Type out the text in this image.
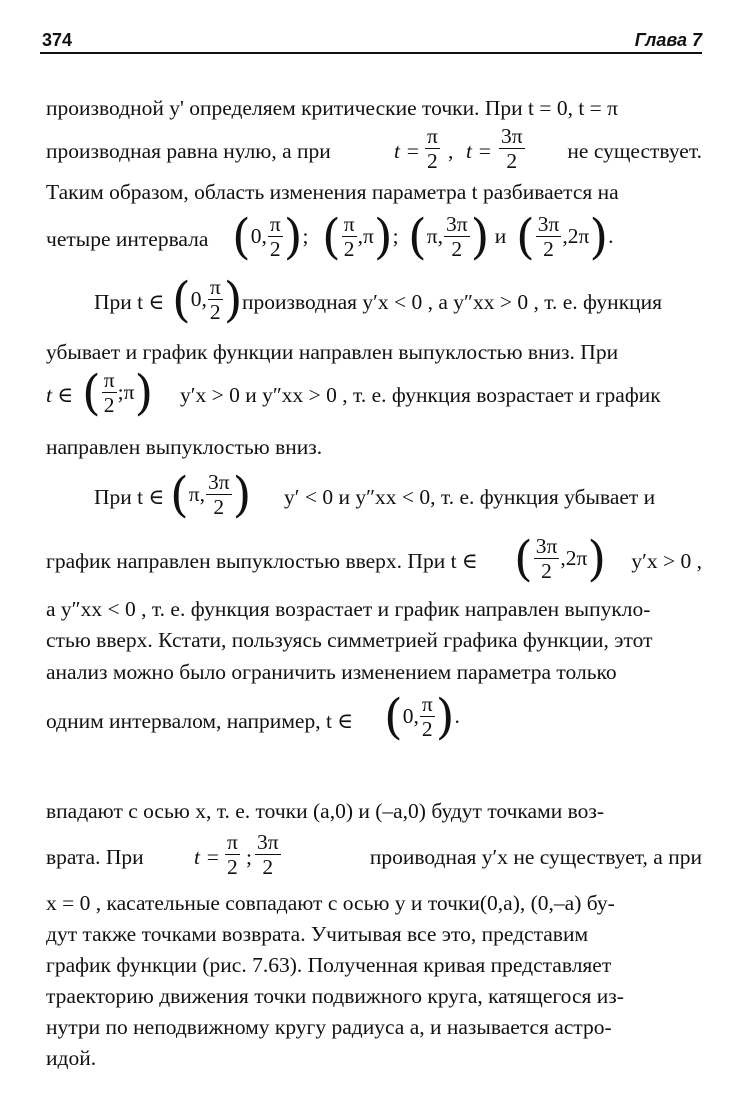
374	Глава 7
производной y' определяем критические точки. При t = 0, t = π
производная равна нулю, а при	$t = \frac{\pi}{2}$ , $t = \frac{3\pi}{2}$ не существует.
Таким образом, область изменения параметра t разбивается на
четыре интервала ( 0 , $\frac{\pi}{2}$ ) ; ( $\frac{\pi}{2} ,\pi$ ) ; ( π, $\frac{3\pi}{2}$ )
и ( $\frac{3\pi}{2} ,2\pi$ ) .
При t ∈ ( 0 , $\frac{\pi}{2}$ ) производная y′x < 0 , а y″xx > 0 , т. е. функция
убывает и график функции направлен выпуклостью вниз. При
t ∈ ( $\frac{\pi}{2}$ ;π ) y′x > 0 и y″xx > 0 , т. е. функция возрастает и график
направлен выпуклостью вниз.
При t ∈ ( π, $\frac{3\pi}{2}$ ) y′ < 0 и y″xx < 0, т. е. функция убывает и
график направлен выпуклостью вверх. При t ∈ ( $\frac{3\pi}{2} ,2\pi$ ) y′x > 0 ,
а y″xx < 0 , т. е. функция возрастает и график направлен выпукло-
стью вверх. Кстати, пользуясь симметрией графика функции, этот
анализ можно было ограничить изменением параметра только
одним интервалом, например, t ∈ ( 0 , $\frac{\pi}{2}$ ) .
впадают с осью x, т. е. точки (a,0) и (–a,0) будут точками воз-
врата. При $t = \frac{\pi}{2}$ ; $\frac{3\pi}{2}$	проиводная y′x не существует, а при
x = 0 , касательные совпадают с осью y и точки(0,a), (0,–a) бу-
дут также точками возврата. Учитывая все это, представим
график функции (рис. 7.63). Полученная кривая представляет
траекторию движения точки подвижного круга, катящегося из-
нутри по неподвижному кругу радиуса a, и называется астро-
идой.
